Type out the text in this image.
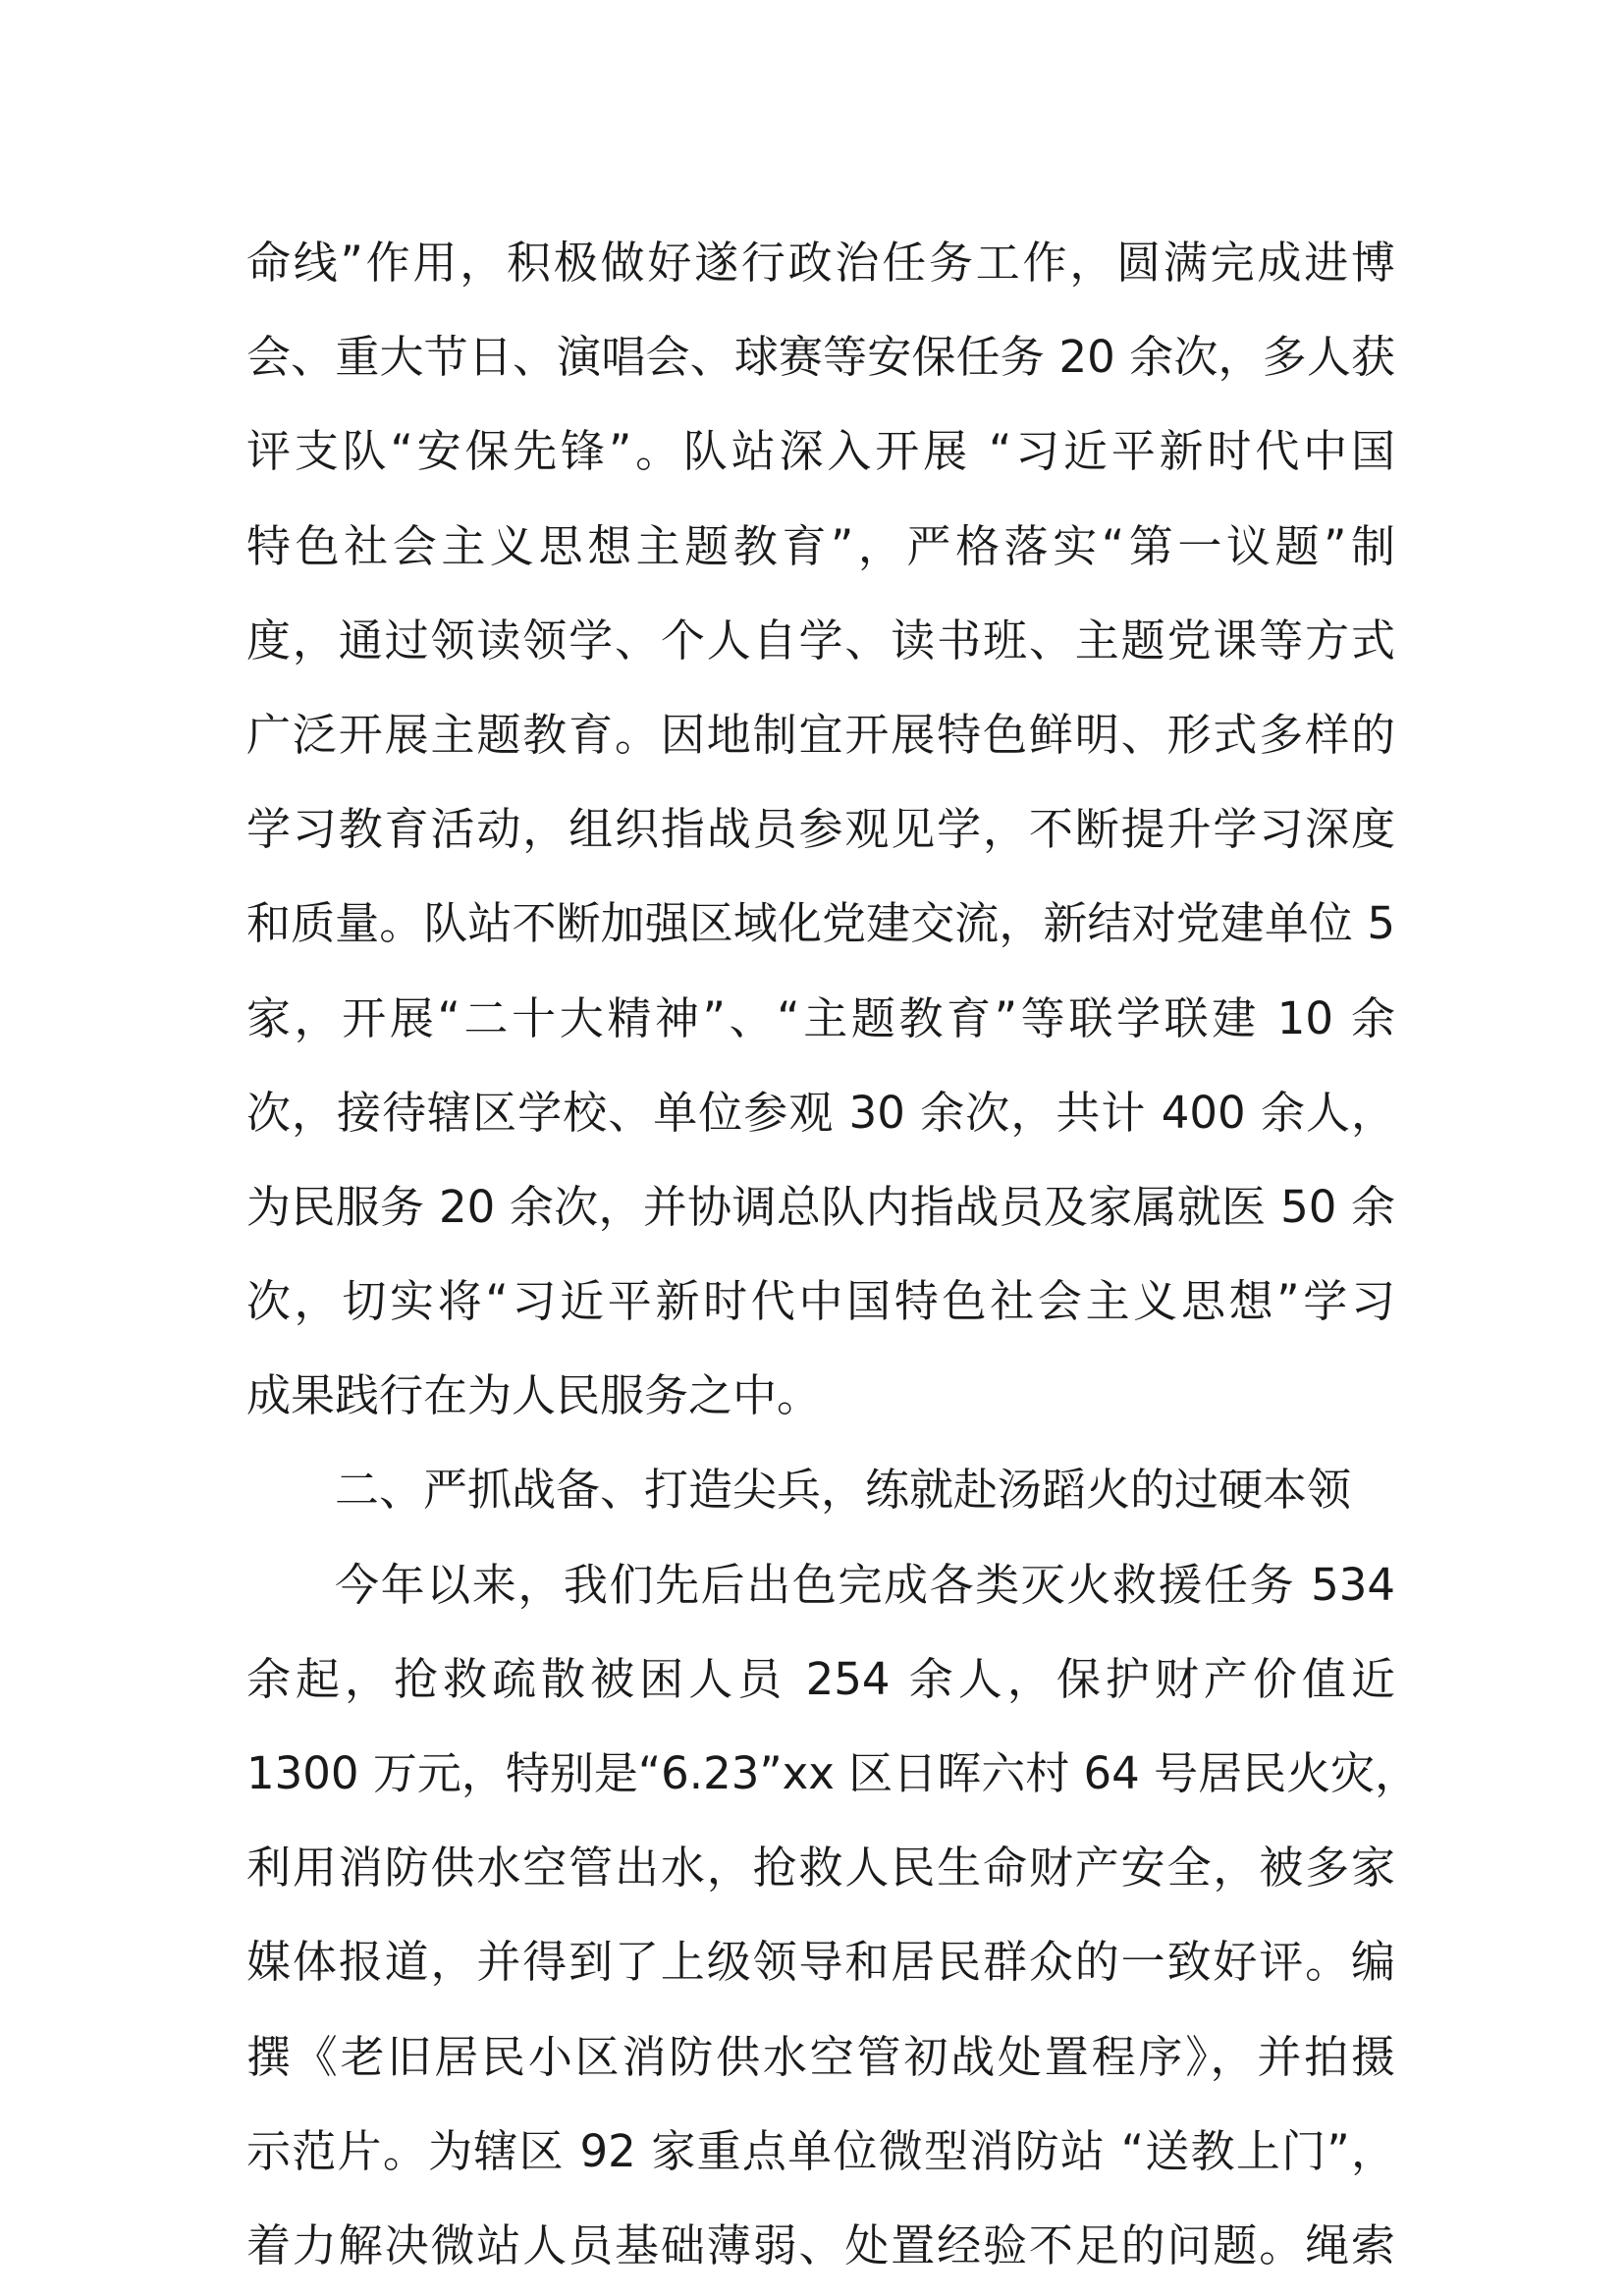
命线”作用，积极做好遂行政治任务工作，圆满完成进博
会、重大节日、演唱会、球赛等安保任务 20 余次，多人获
评支队“安保先锋”。队站深入开展 “习近平新时代中国
特色社会主义思想主题教育”，严格落实“第一议题”制
度，通过领读领学、个人自学、读书班、主题党课等方式
广泛开展主题教育。因地制宜开展特色鲜明、形式多样的
学习教育活动，组织指战员参观见学，不断提升学习深度
和质量。队站不断加强区域化党建交流，新结对党建单位 5
家，开展“二十大精神”、“主题教育”等联学联建 10 余
次，接待辖区学校、单位参观 30 余次，共计 400 余人，
为民服务 20 余次，并协调总队内指战员及家属就医 50 余
次，切实将“习近平新时代中国特色社会主义思想”学习
成果践行在为人民服务之中。
二、严抓战备、打造尖兵，练就赴汤蹈火的过硬本领
今年以来，我们先后出色完成各类灭火救援任务 534
余起，抢救疏散被困人员 254 余人，保护财产价值近
1300 万元，特别是“6.23”xx 区日晖六村 64 号居民火灾，
利用消防供水空管出水，抢救人民生命财产安全，被多家
媒体报道，并得到了上级领导和居民群众的一致好评。编
撰《老旧居民小区消防供水空管初战处置程序》，并拍摄
示范片。为辖区 92 家重点单位微型消防站 “送教上门”，
着力解决微站人员基础薄弱、处置经验不足的问题。绳索
